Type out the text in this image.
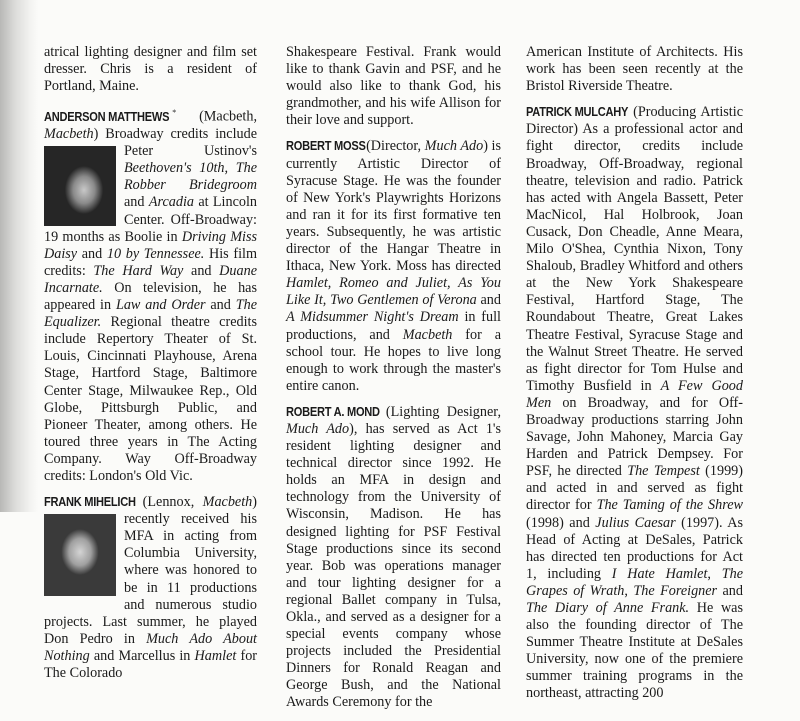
atrical lighting designer and film set dresser. Chris is a resident of Portland, Maine.

ANDERSON MATTHEWS * (Macbeth, Macbeth) Broadway credits include Peter Ustinov's
Beethoven's 10th, The Robber Bridegroom and Arcadia at Lincoln Center. Off-Broadway: 19 months as Boolie in Driving Miss Daisy and 10 by Tennessee. His film credits: The Hard Way and Duane Incarnate. On television, he has appeared in Law and Order and The Equalizer. Regional theatre credits include Repertory Theater of St. Louis, Cincinnati Playhouse, Arena Stage, Hartford Stage, Baltimore Center Stage, Milwaukee Rep., Old Globe, Pittsburgh Public, and Pioneer Theater, among others. He toured three years in The Acting Company. Way Off-Broadway credits: London's Old Vic.

FRANK MIHELICH (Lennox, Macbeth
) recently received his MFA in acting from Columbia University, where was honored to be in 11 productions and numerous studio projects. Last summer, he played Don Pedro in Much Ado About Nothing and Marcellus in Hamlet for The Colorado

Shakespeare Festival. Frank would like to thank Gavin and PSF, and he would also like to thank God, his grandmother, and his wife Allison for their love and support.

ROBERT MOSS (Director, Much Ado) is currently Artistic Director of Syracuse Stage. He was the founder of New York's Playwrights Horizons and ran it for its first formative ten years. Subsequently, he was artistic director of the Hangar Theatre in Ithaca, New York. Moss has directed Hamlet, Romeo and Juliet, As You Like It, Two Gentlemen of Verona and A Midsummer Night's Dream in full productions, and Macbeth for a school tour. He hopes to live long enough to work through the master's entire canon.

ROBERT A. MOND (Lighting Designer, Much Ado), has served as Act 1's resident lighting designer and technical director since 1992. He holds an MFA in design and technology from the University of Wisconsin, Madison. He has designed lighting for PSF Festival Stage productions since its second year. Bob was operations manager and tour lighting designer for a regional Ballet company in Tulsa, Okla., and served as a designer for a special events company whose projects included the Presidential Dinners for Ronald Reagan and George Bush, and the National Awards Ceremony for the

American Institute of Architects. His work has been seen recently at the Bristol Riverside Theatre.

PATRICK MULCAHY (Producing Artistic Director) As a professional actor and fight director, credits include Broadway, Off-Broadway, regional theatre, television and radio. Patrick has acted with Angela Bassett, Peter MacNicol, Hal Holbrook, Joan Cusack, Don Cheadle, Anne Meara, Milo O'Shea, Cynthia Nixon, Tony Shaloub, Bradley Whitford and others at the New York Shakespeare Festival, Hartford Stage, The Roundabout Theatre, Great Lakes Theatre Festival, Syracuse Stage and the Walnut Street Theatre. He served as fight director for Tom Hulse and Timothy Busfield in A Few Good Men on Broadway, and for Off-Broadway productions starring John Savage, John Mahoney, Marcia Gay Harden and Patrick Dempsey. For PSF, he directed The Tempest (1999) and acted in and served as fight director for The Taming of the Shrew (1998) and Julius Caesar (1997). As Head of Acting at DeSales, Patrick has directed ten productions for Act 1, including I Hate Hamlet, The Grapes of Wrath, The Foreigner and The Diary of Anne Frank. He was also the founding director of The Summer Theatre Institute at DeSales University, now one of the premiere summer training programs in the northeast, attracting 200
